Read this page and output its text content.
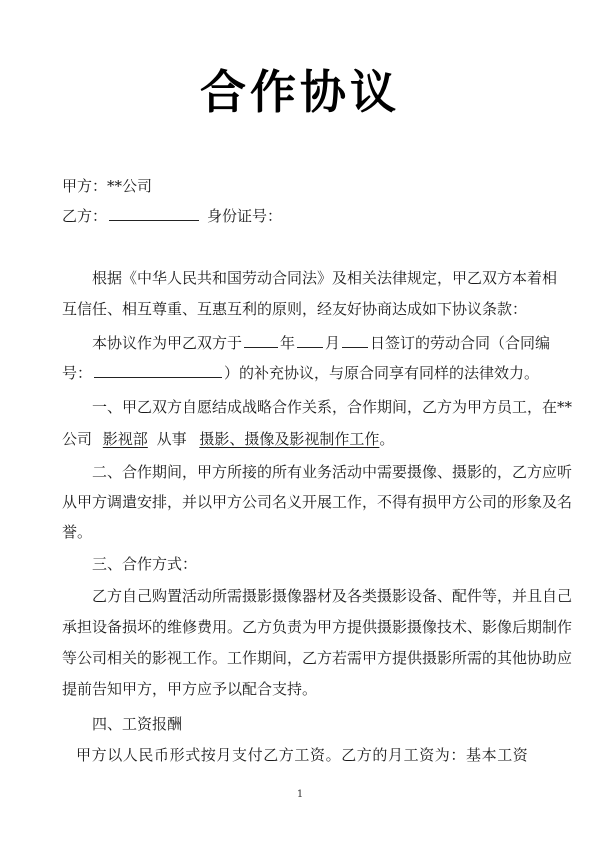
合作协议
甲方：**公司
乙方：	身份证号：
根据《中华人民共和国劳动合同法》及相关法律规定，甲乙双方本着相
互信任、相互尊重、互惠互利的原则，经友好协商达成如下协议条款：
本协议作为甲乙双方于	年 月 日签订的劳动合同（合同编
号：	）的补充协议，与原合同享有同样的法律效力。
一、甲乙双方自愿结成战略合作关系，合作期间，乙方为甲方员工，在**
公司 影视部 从事 摄影、摄像及影视制作工作。
二、合作期间，甲方所接的所有业务活动中需要摄像、摄影的，乙方应听
从甲方调遣安排，并以甲方公司名义开展工作，不得有损甲方公司的形象及名
誉。
三、合作方式：
乙方自己购置活动所需摄影摄像器材及各类摄影设备、配件等，并且自己
承担设备损坏的维修费用。乙方负责为甲方提供摄影摄像技术、影像后期制作
等公司相关的影视工作。工作期间，乙方若需甲方提供摄影所需的其他协助应
提前告知甲方，甲方应予以配合支持。
四、工资报酬
甲方以人民币形式按月支付乙方工资。乙方的月工资为：基本工资
1
